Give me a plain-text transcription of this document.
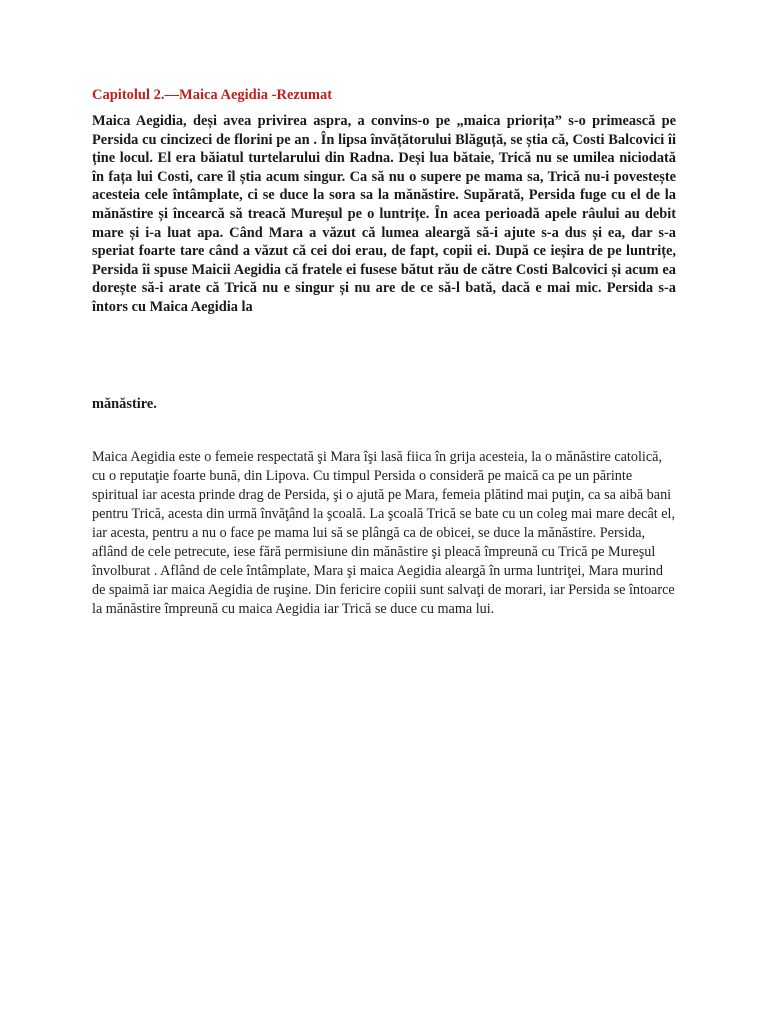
Capitolul 2.—Maica Aegidia -Rezumat

Maica Aegidia, deși avea privirea aspra, a convins-o pe „maica priorița” s-o primească pe Persida cu cincizeci de florini pe an . În lipsa învățătorului Blăguță, se știa că, Costi Balcovici îi ține locul. El era băiatul turtelarului din Radna. Deși lua bătaie, Trică nu se umilea niciodată în fața lui Costi, care îl știa acum singur. Ca să nu o supere pe mama sa, Trică nu-i povestește acesteia cele întâmplate, ci se duce la sora sa la mănăstire. Supărată, Persida fuge cu el de la mănăstire și încearcă să treacă Mureșul pe o luntrițe. În acea perioadă apele râului au debit mare și i-a luat apa. Când Mara a văzut că lumea aleargă să-i ajute s-a dus și ea, dar s-a speriat foarte tare când a văzut că cei doi erau, de fapt, copii ei. După ce ieșira de pe luntrițe, Persida îi spuse Maicii Aegidia că fratele ei fusese bătut rău de către Costi Balcovici și acum ea dorește să-i arate că Trică nu e singur și nu are de ce să-l bată, dacă e mai mic. Persida s-a întors cu Maica Aegidia la

mănăstire.

Maica Aegidia este o femeie respectată şi Mara îşi lasă fiica în grija acesteia, la o mănăstire catolică, cu o reputaţie foarte bună, din Lipova. Cu timpul Persida o consideră pe maică ca pe un părinte spiritual iar acesta prinde drag de Persida, şi o ajută pe Mara, femeia plătind mai puţin, ca sa aibă bani pentru Trică, acesta din urmă învăţând la şcoală. La şcoală Trică se bate cu un coleg mai mare decât el, iar acesta, pentru a nu o face pe mama lui să se plângă ca de obicei, se duce la mănăstire. Persida, aflând de cele petrecute, iese fără permisiune din mănăstire şi pleacă împreună cu Trică pe Mureşul învolburat . Aflând de cele întâmplate, Mara şi maica Aegidia aleargă în urma luntriţei, Mara murind de spaimă iar maica Aegidia de ruşine. Din fericire copiii sunt salvaţi de morari, iar Persida se întoarce la mănăstire împreună cu maica Aegidia iar Trică se duce cu mama lui.
